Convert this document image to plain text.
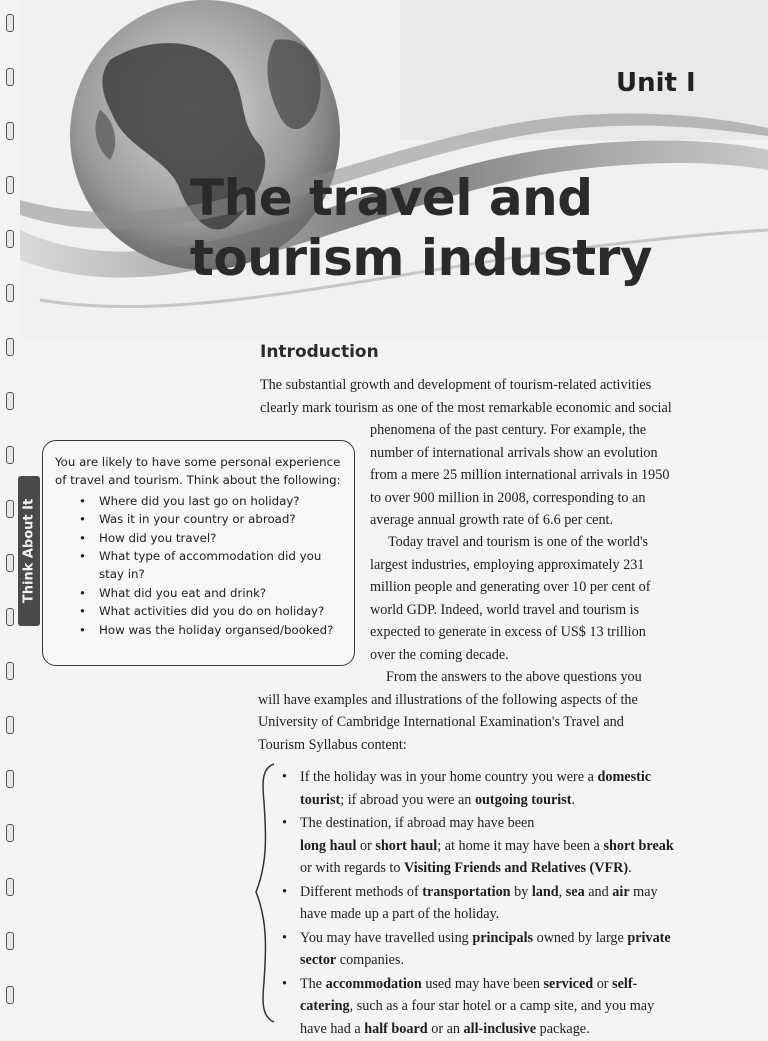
Unit I
The travel and
tourism industry
Introduction
The substantial growth and development of tourism-related activities
clearly mark tourism as one of the most remarkable economic and social
phenomena of the past century. For example, the
number of international arrivals show an evolution
from a mere 25 million international arrivals in 1950
to over 900 million in 2008, corresponding to an
average annual growth rate of 6.6 per cent.
Today travel and tourism is one of the world's
largest industries, employing approximately 231
million people and generating over 10 per cent of
world GDP. Indeed, world travel and tourism is
expected to generate in excess of US$ 13 trillion
over the coming decade.
From the answers to the above questions you
will have examples and illustrations of the following aspects of the
University of Cambridge International Examination's Travel and
Tourism Syllabus content:
Think About It
You are likely to have some personal experience
of travel and tourism. Think about the following:
• Where did you last go on holiday?
• Was it in your country or abroad?
• How did you travel?
• What type of accommodation did you
stay in?
• What did you eat and drink?
• What activities did you do on holiday?
• How was the holiday organsed/booked?
• If the holiday was in your home country you were a domestic
tourist; if abroad you were an outgoing tourist.
• The destination, if abroad may have been
long haul or short haul; at home it may have been a short break
or with regards to Visiting Friends and Relatives (VFR).
• Different methods of transportation by land, sea and air may
have made up a part of the holiday.
• You may have travelled using principals owned by large private
sector companies.
• The accommodation used may have been serviced or self-
catering, such as a four star hotel or a camp site, and you may
have had a half board or an all-inclusive package.
